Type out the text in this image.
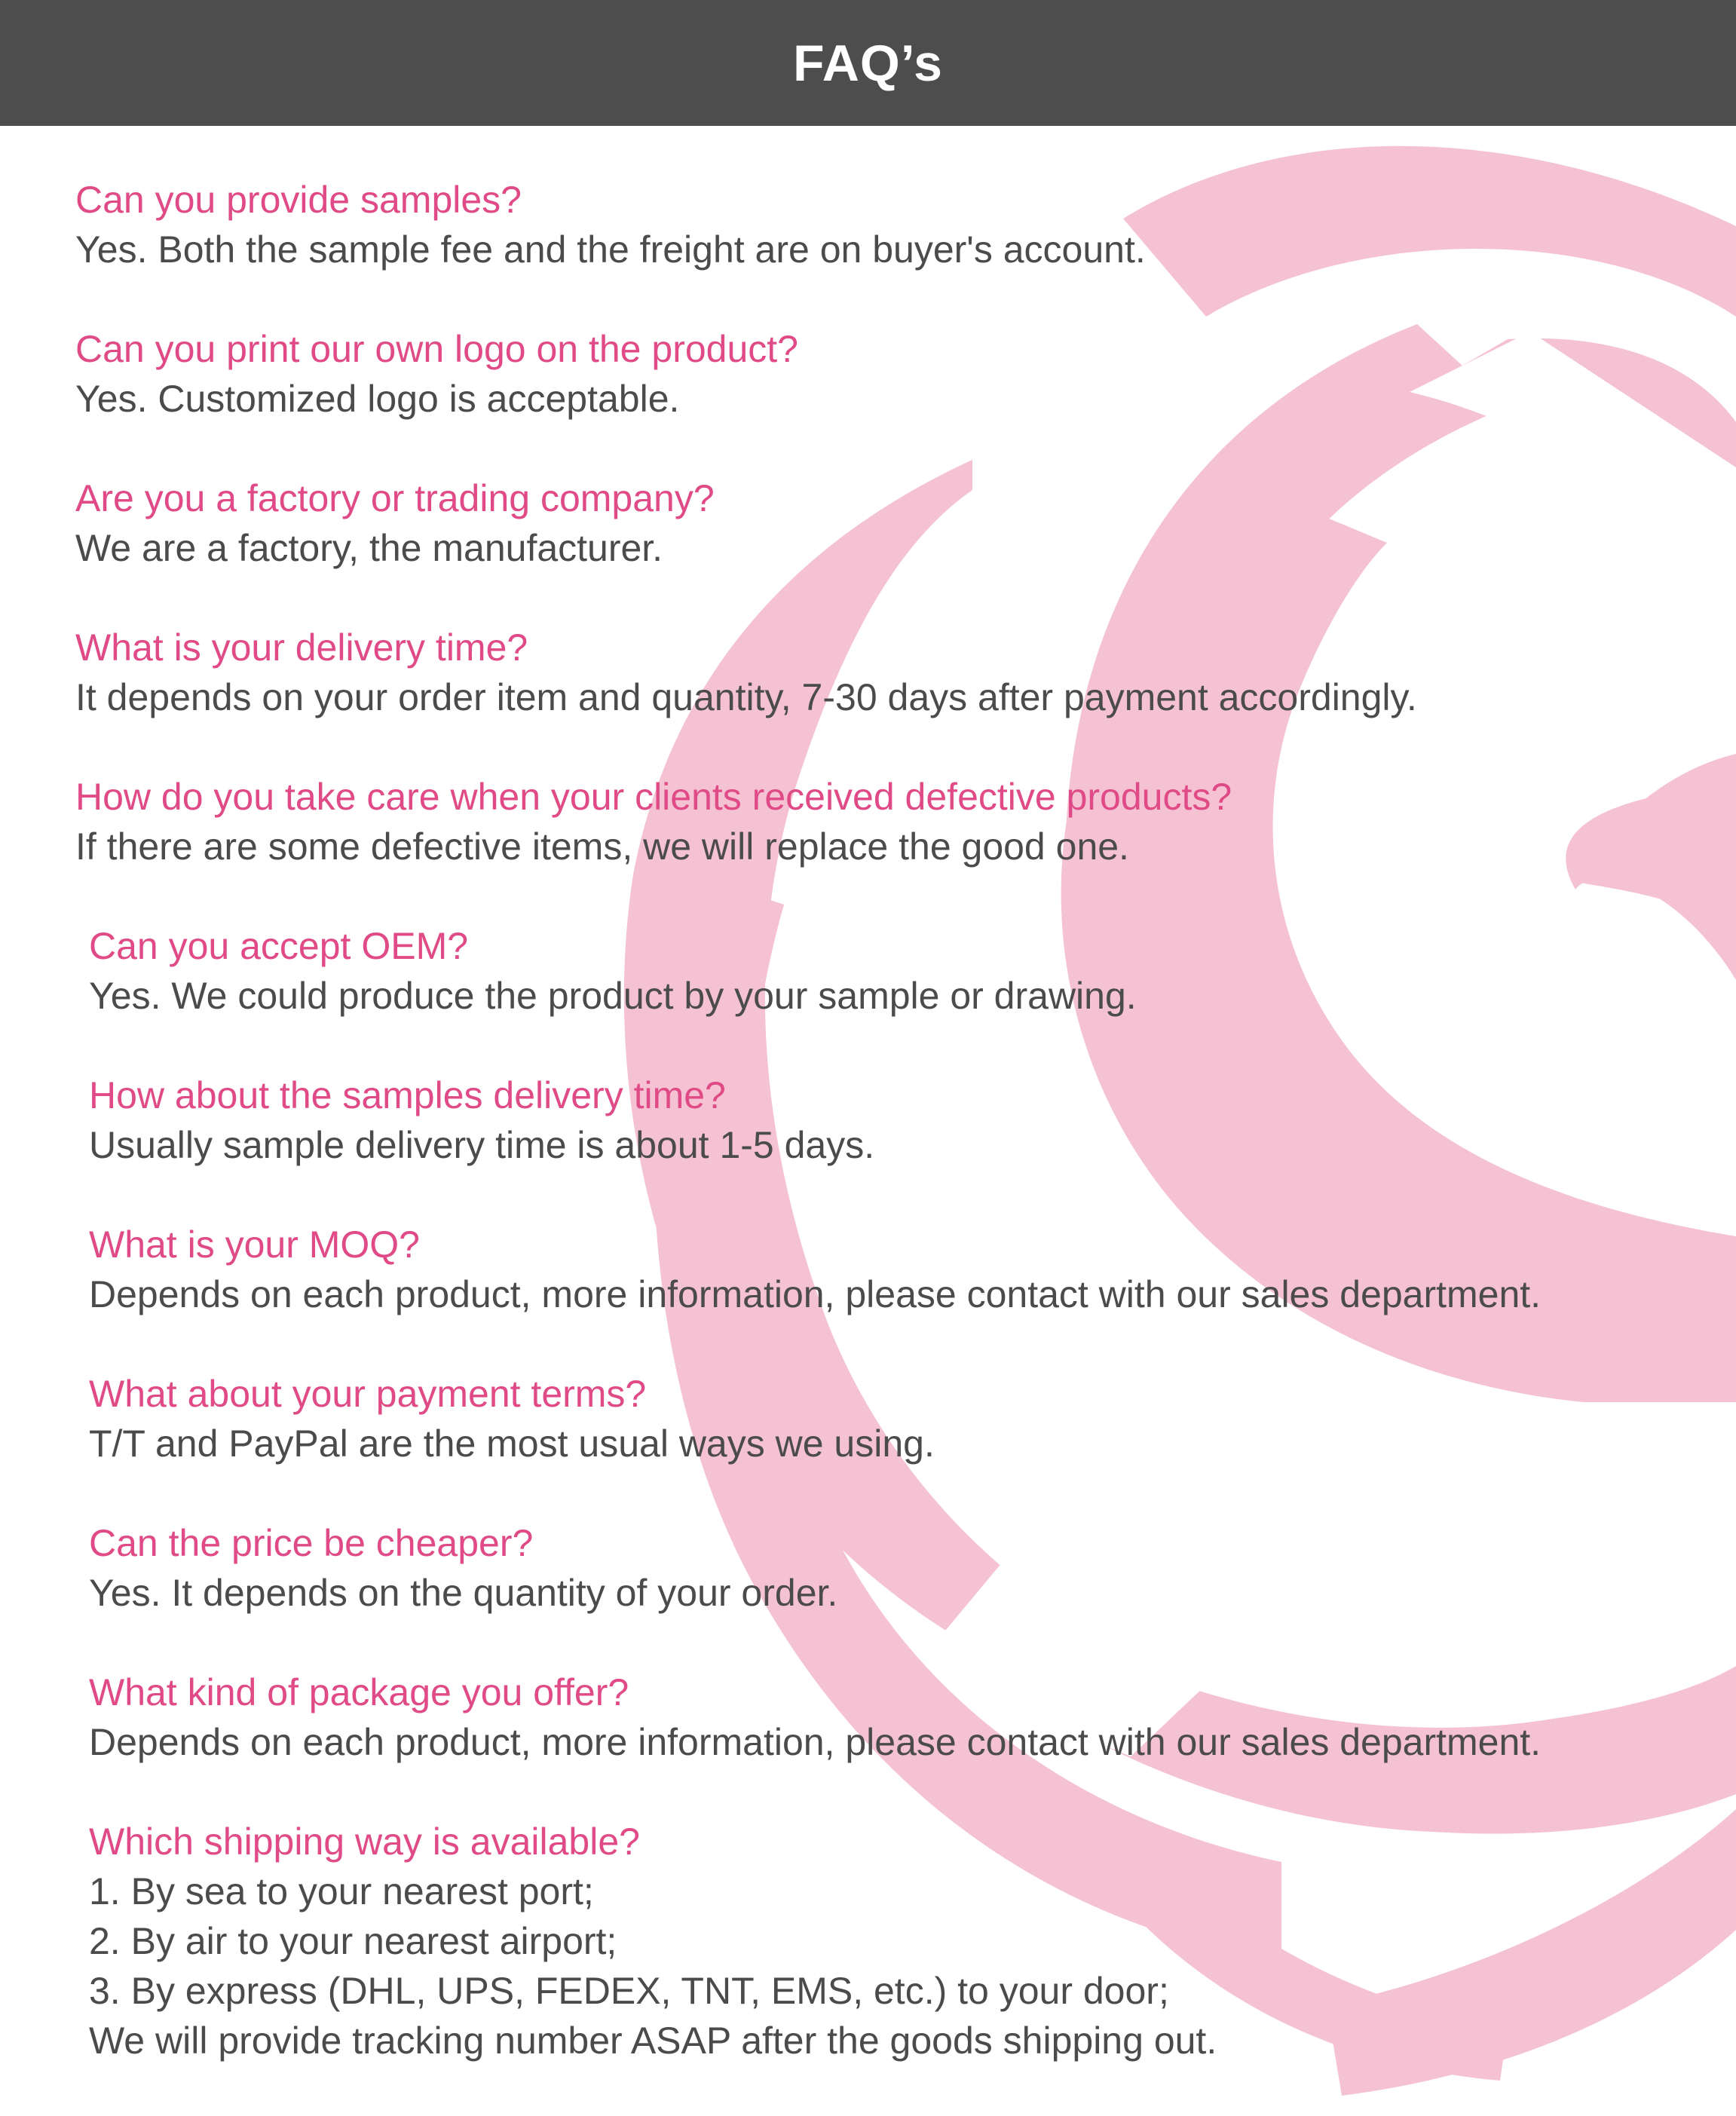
FAQ’s
Can you provide samples?
Yes. Both the sample fee and the freight are on buyer's account.
Can you print our own logo on the product?
Yes. Customized logo is acceptable.
Are you a factory or trading company?
We are a factory, the manufacturer.
What is your delivery time?
It depends on your order item and quantity, 7-30 days after payment accordingly.
How do you take care when your clients received defective products?
If there are some defective items, we will replace the good one.
Can you accept OEM?
Yes. We could produce the product by your sample or drawing.
How about the samples delivery time?
Usually sample delivery time is about 1-5 days.
What is your MOQ?
Depends on each product, more information, please contact with our sales department.
What about your payment terms?
T/T and PayPal are the most usual ways we using.
Can the price be cheaper?
Yes. It depends on the quantity of your order.
What kind of package you offer?
Depends on each product, more information, please contact with our sales department.
Which shipping way is available?
1. By sea to your nearest port;
2. By air to your nearest airport;
3. By express (DHL, UPS, FEDEX, TNT, EMS, etc.) to your door;
We will provide tracking number ASAP after the goods shipping out.
